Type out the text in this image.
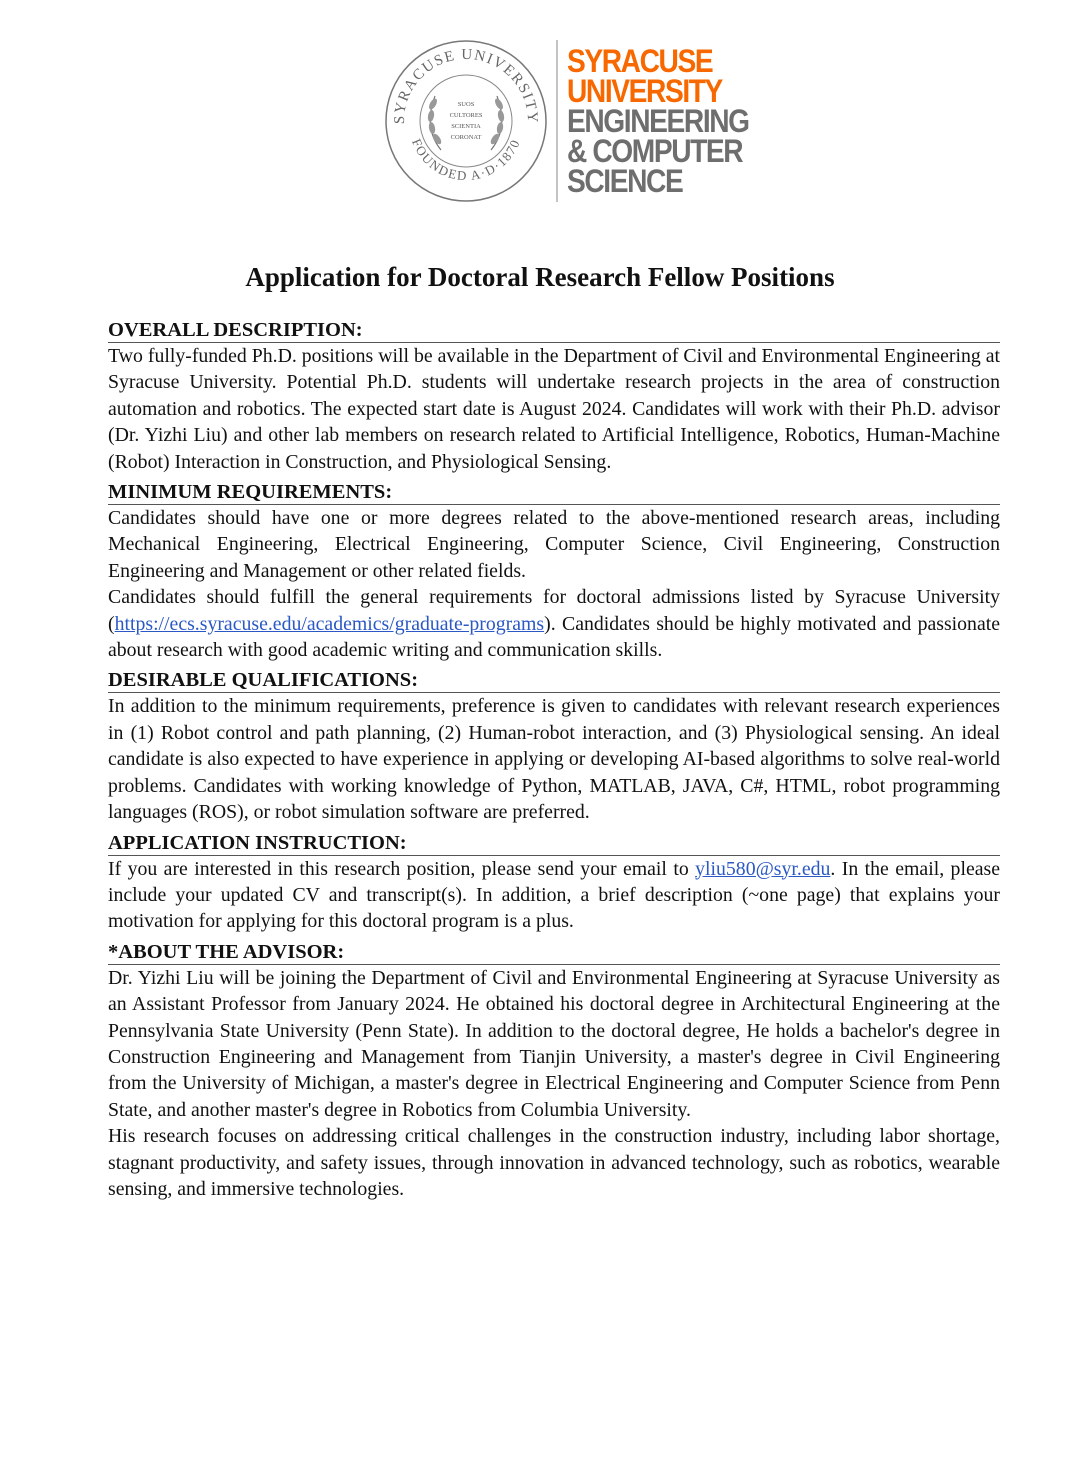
SYRACUSE UNIVERSITY
FOUNDED A·D·1870
SUOS
CULTORES
SCIENTIA
CORONAT
SYRACUSE
UNIVERSITY
ENGINEERING
& COMPUTER
SCIENCE
Application for Doctoral Research Fellow Positions
OVERALL DESCRIPTION:

Two fully-funded Ph.D. positions will be available in the Department of Civil and Environmental Engineering at Syracuse University. Potential Ph.D. students will undertake research projects in the area of construction automation and robotics. The expected start date is August 2024. Candidates will work with their Ph.D. advisor (Dr. Yizhi Liu) and other lab members on research related to Artificial Intelligence, Robotics, Human-Machine (Robot) Interaction in Construction, and Physiological Sensing.

MINIMUM REQUIREMENTS:

Candidates should have one or more degrees related to the above-mentioned research areas, including Mechanical Engineering, Electrical Engineering, Computer Science, Civil Engineering, Construction Engineering and Management or other related fields.

Candidates should fulfill the general requirements for doctoral admissions listed by Syracuse University (https://ecs.syracuse.edu/academics/graduate-programs). Candidates should be highly motivated and passionate about research with good academic writing and communication skills.

DESIRABLE QUALIFICATIONS:

In addition to the minimum requirements, preference is given to candidates with relevant research experiences in (1) Robot control and path planning, (2) Human-robot interaction, and (3) Physiological sensing. An ideal candidate is also expected to have experience in applying or developing AI-based algorithms to solve real-world problems. Candidates with working knowledge of Python, MATLAB, JAVA, C#, HTML, robot programming languages (ROS), or robot simulation software are preferred.

APPLICATION INSTRUCTION:

If you are interested in this research position, please send your email to yliu580@syr.edu. In the email, please include your updated CV and transcript(s). In addition, a brief description (~one page) that explains your motivation for applying for this doctoral program is a plus.

*ABOUT THE ADVISOR:

Dr. Yizhi Liu will be joining the Department of Civil and Environmental Engineering at Syracuse University as an Assistant Professor from January 2024. He obtained his doctoral degree in Architectural Engineering at the Pennsylvania State University (Penn State). In addition to the doctoral degree, He holds a bachelor's degree in Construction Engineering and Management from Tianjin University, a master's degree in Civil Engineering from the University of Michigan, a master's degree in Electrical Engineering and Computer Science from Penn State, and another master's degree in Robotics from Columbia University.

His research focuses on addressing critical challenges in the construction industry, including labor shortage, stagnant productivity, and safety issues, through innovation in advanced technology, such as robotics, wearable sensing, and immersive technologies.
